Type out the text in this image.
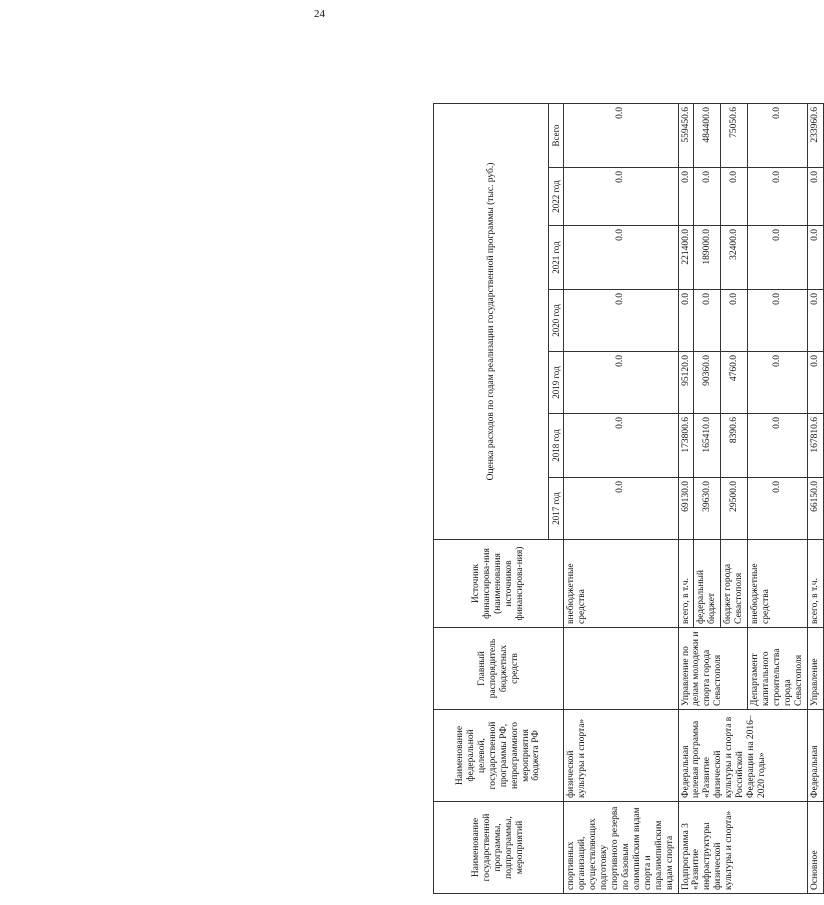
24
Наименование государственной программы, подпрограммы, мероприятий	Наименование федеральной целевой, государственной программы РФ, непрограммного мероприятия бюджета РФ	Главный распорядитель бюджетных средств	Источник финансирова-ния (наименования источников финансирова-ния)	Оценка расходов по годам реализации государственной программы (тыс. руб.)						
				2017 год	2018 год	2019 год	2020 год	2021 год	2022 год	Всего
спортивных организаций, осуществляющих подготовку спортивного резерва по базовым олимпийским видам спорта и паралимпийским видам спорта	физической культуры и спорта»		внебюджетные средства	0.0	0.0	0.0	0.0	0.0	0.0	0.0
Подпрограмма 3 «Развитие инфраструктуры физической культуры и спорта»	Федеральная целевая программа «Развитие физической культуры и спорта в Российской Федерации на 2016–2020 годы»	Управление по делам молодежи и спорта города Севастополя	всего, в т.ч.	69130.0	173800.6	95120.0	0.0	221400.0	0.0	559450.6
			федеральный бюджет	39630.0	165410.0	90360.0	0.0	189000.0	0.0	484400.0
			бюджет города Севастополя	29500.0	8390.6	4760.0	0.0	32400.0	0.0	75050.6
		Департамент капитального строительства города Севастополя	внебюджетные средства	0.0	0.0	0.0	0.0	0.0	0.0	0.0
Основное	Федеральная	Управление	всего, в т.ч.	66150.0	167810.6	0.0	0.0	0.0	0.0	233960.6
